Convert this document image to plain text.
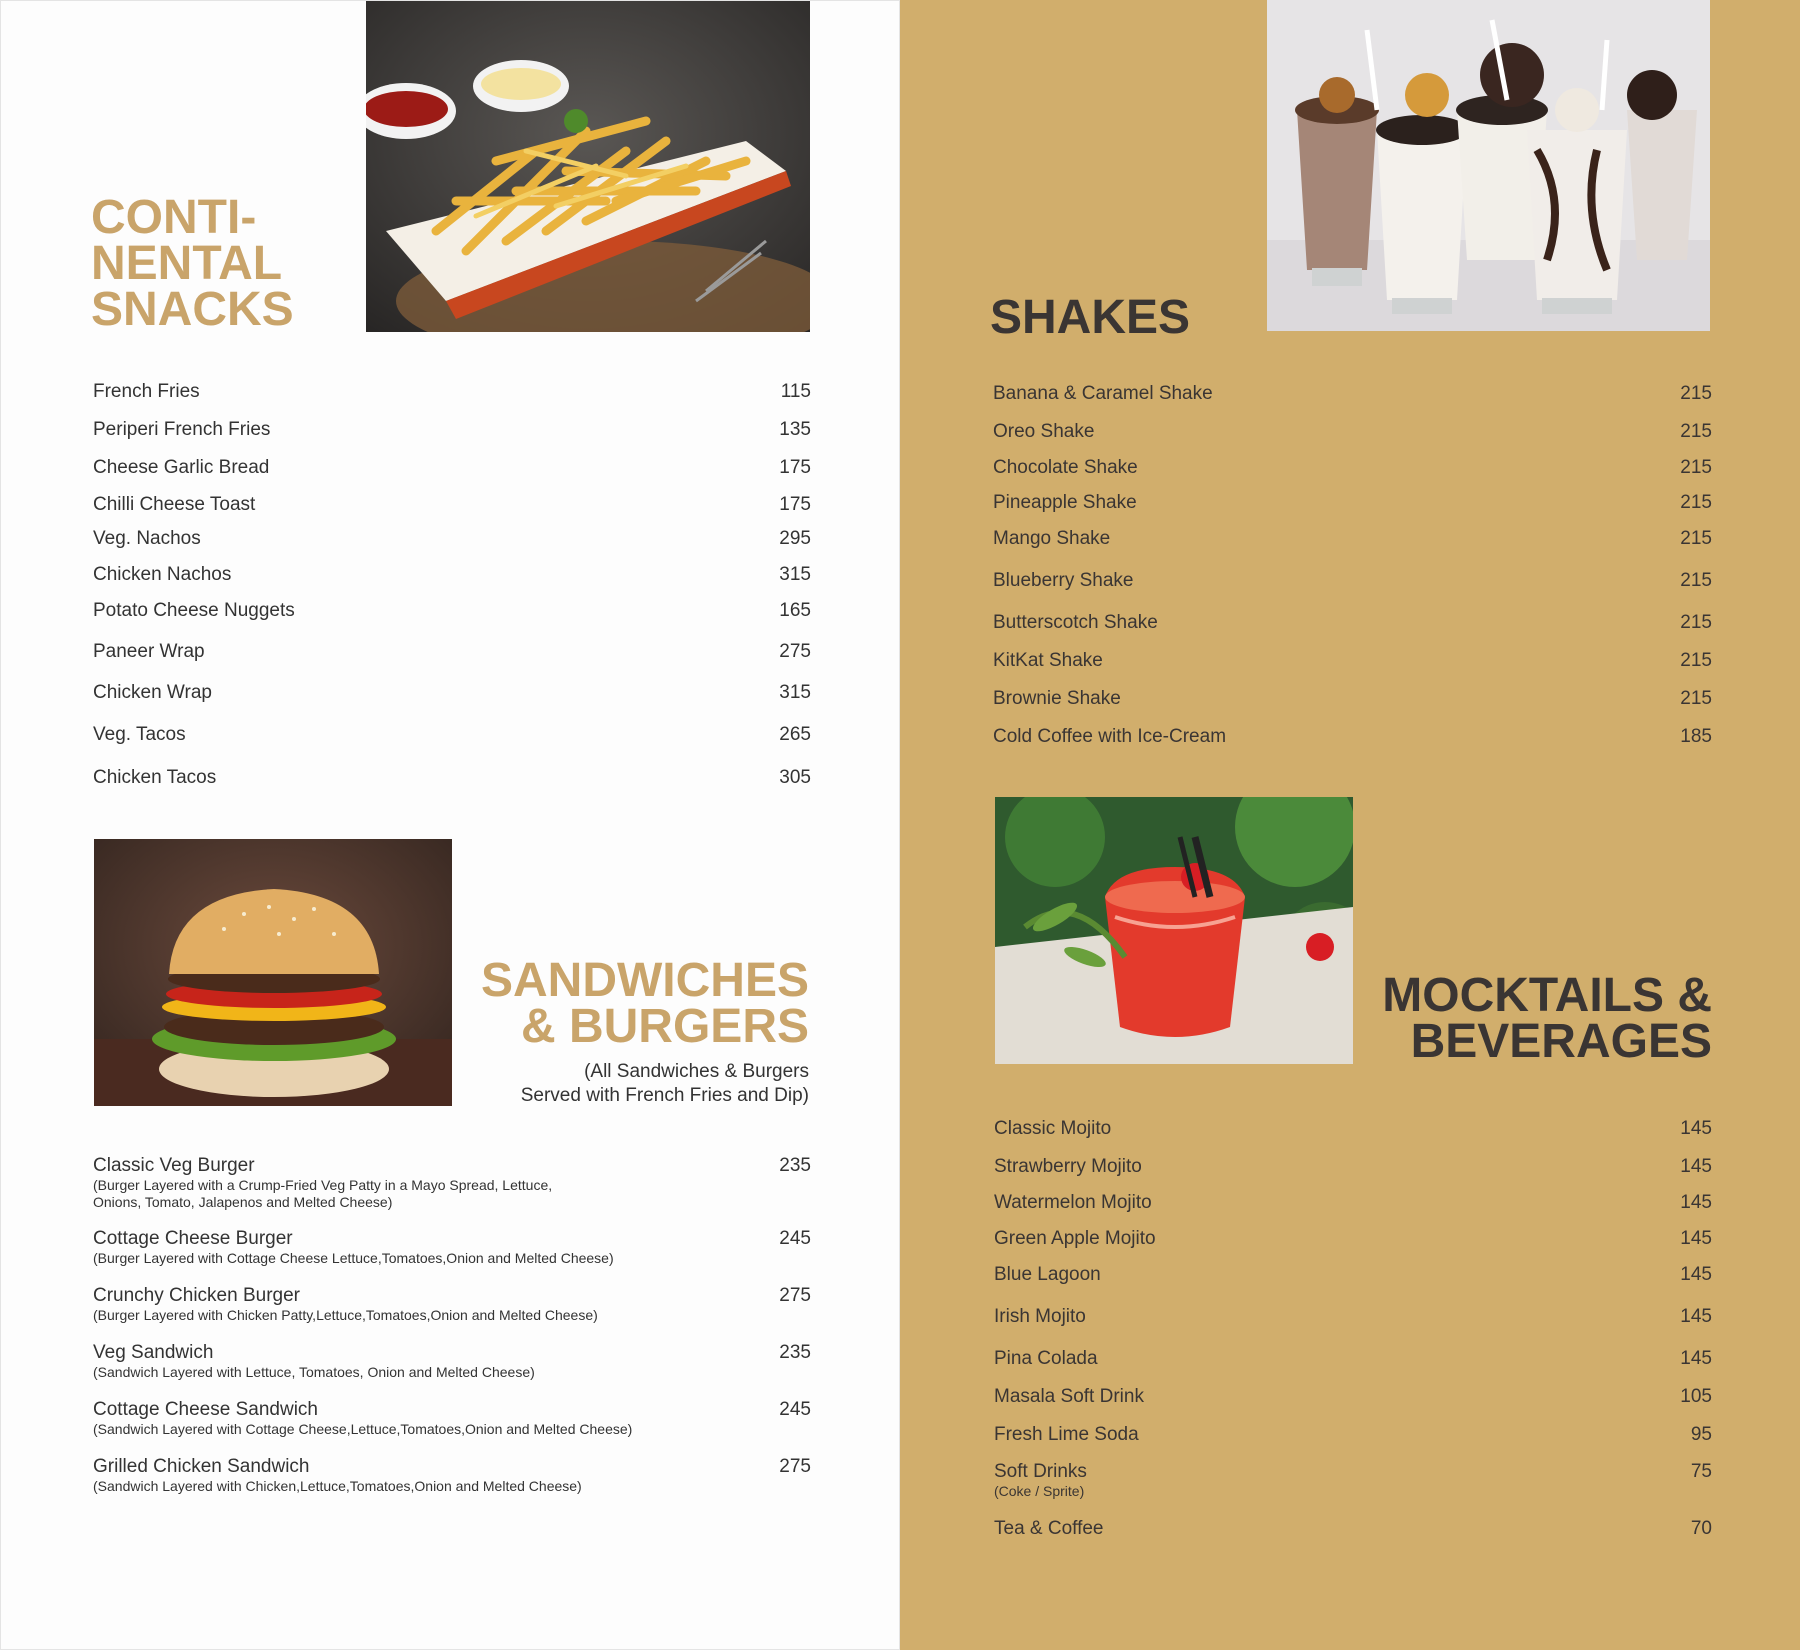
CONTI-
NENTAL
SNACKS
French Fries	115
Periperi French Fries	135
Cheese Garlic Bread	175
Chilli Cheese Toast	175
Veg. Nachos	295
Chicken Nachos	315
Potato Cheese Nuggets	165
Paneer Wrap	275
Chicken Wrap	315
Veg. Tacos	265
Chicken Tacos	305
SANDWICHES
& BURGERS
(All Sandwiches & Burgers
Served with French Fries and Dip)
Classic Veg Burger	235
(Burger Layered with a Crump-Fried Veg Patty in a Mayo Spread, Lettuce,
Onions, Tomato, Jalapenos and Melted Cheese)
Cottage Cheese Burger	245
(Burger Layered with Cottage Cheese Lettuce,Tomatoes,Onion and Melted Cheese)
Crunchy Chicken Burger	275
(Burger Layered with Chicken Patty,Lettuce,Tomatoes,Onion and Melted Cheese)
Veg Sandwich	235
(Sandwich Layered with Lettuce, Tomatoes, Onion and Melted Cheese)
Cottage Cheese Sandwich	245
(Sandwich Layered with Cottage Cheese,Lettuce,Tomatoes,Onion and Melted Cheese)
Grilled Chicken Sandwich	275
(Sandwich Layered with Chicken,Lettuce,Tomatoes,Onion and Melted Cheese)
SHAKES
Banana & Caramel Shake	215
Oreo Shake	215
Chocolate Shake	215
Pineapple Shake	215
Mango Shake	215
Blueberry Shake	215
Butterscotch Shake	215
KitKat Shake	215
Brownie Shake	215
Cold Coffee with Ice-Cream	185
MOCKTAILS &
BEVERAGES
Classic Mojito	145
Strawberry Mojito	145
Watermelon Mojito	145
Green Apple Mojito	145
Blue Lagoon	145
Irish Mojito	145
Pina Colada	145
Masala Soft Drink	105
Fresh Lime Soda	95
Soft Drinks	75
(Coke / Sprite)
Tea & Coffee	70
